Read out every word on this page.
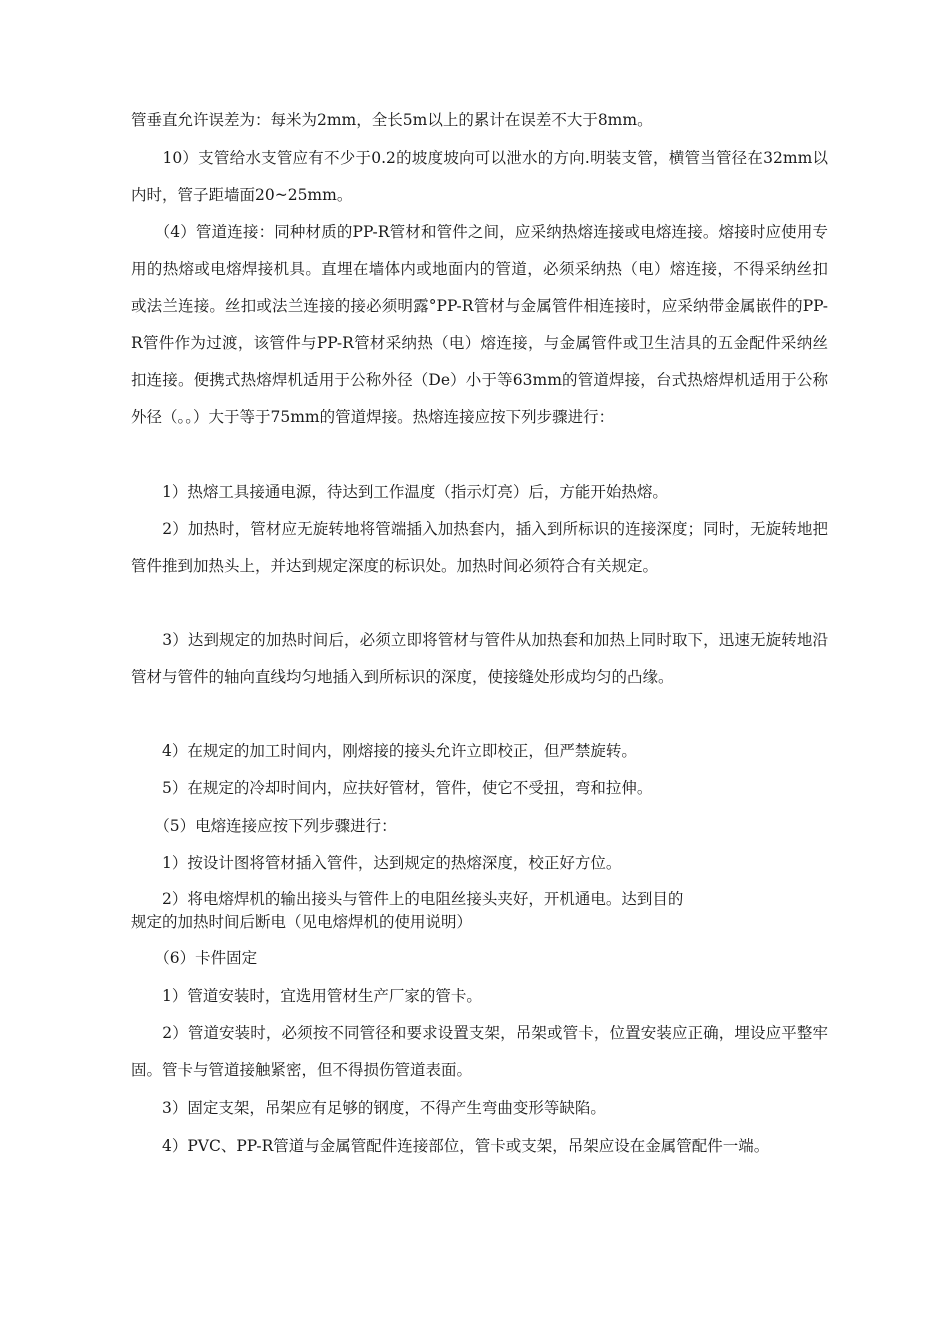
管垂直允许误差为：每米为2mm，全长5m以上的累计在误差不大于8mm。

　　10）支管给水支管应有不少于0.2的坡度坡向可以泄水的方向.明装支管，横管当管径在32mm以内时，管子距墙面20~25mm。

　　（4）管道连接：同种材质的PP-R管材和管件之间，应采纳热熔连接或电熔连接。熔接时应使用专用的热熔或电熔焊接机具。直埋在墙体内或地面内的管道，必须采纳热（电）熔连接，不得采纳丝扣或法兰连接。丝扣或法兰连接的接必须明露°PP-R管材与金属管件相连接时，应采纳带金属嵌件的PP-R管件作为过渡，该管件与PP-R管材采纳热（电）熔连接，与金属管件或卫生洁具的五金配件采纳丝扣连接。便携式热熔焊机适用于公称外径（De）小于等63mm的管道焊接，台式热熔焊机适用于公称外径（。。）大于等于75mm的管道焊接。热熔连接应按下列步骤进行：

　　1）热熔工具接通电源，待达到工作温度（指示灯亮）后，方能开始热熔。

　　2）加热时，管材应无旋转地将管端插入加热套内，插入到所标识的连接深度；同时，无旋转地把管件推到加热头上，并达到规定深度的标识处。加热时间必须符合有关规定。

　　3）达到规定的加热时间后，必须立即将管材与管件从加热套和加热上同时取下，迅速无旋转地沿管材与管件的轴向直线均匀地插入到所标识的深度，使接缝处形成均匀的凸缘。

　　4）在规定的加工时间内，刚熔接的接头允许立即校正，但严禁旋转。

　　5）在规定的冷却时间内，应扶好管材，管件，使它不受扭，弯和拉伸。

　　（5）电熔连接应按下列步骤进行：

　　1）按设计图将管材插入管件，达到规定的热熔深度，校正好方位。

　　2）将电熔焊机的输出接头与管件上的电阻丝接头夹好，开机通电。达到目的

规定的加热时间后断电（见电熔焊机的使用说明）

　　（6）卡件固定

　　1）管道安装时，宜选用管材生产厂家的管卡。

　　2）管道安装时，必须按不同管径和要求设置支架，吊架或管卡，位置安装应正确，埋设应平整牢固。管卡与管道接触紧密，但不得损伤管道表面。

　　3）固定支架，吊架应有足够的钢度，不得产生弯曲变形等缺陷。

　　4）PVC、PP-R管道与金属管配件连接部位，管卡或支架，吊架应设在金属管配件一端。
